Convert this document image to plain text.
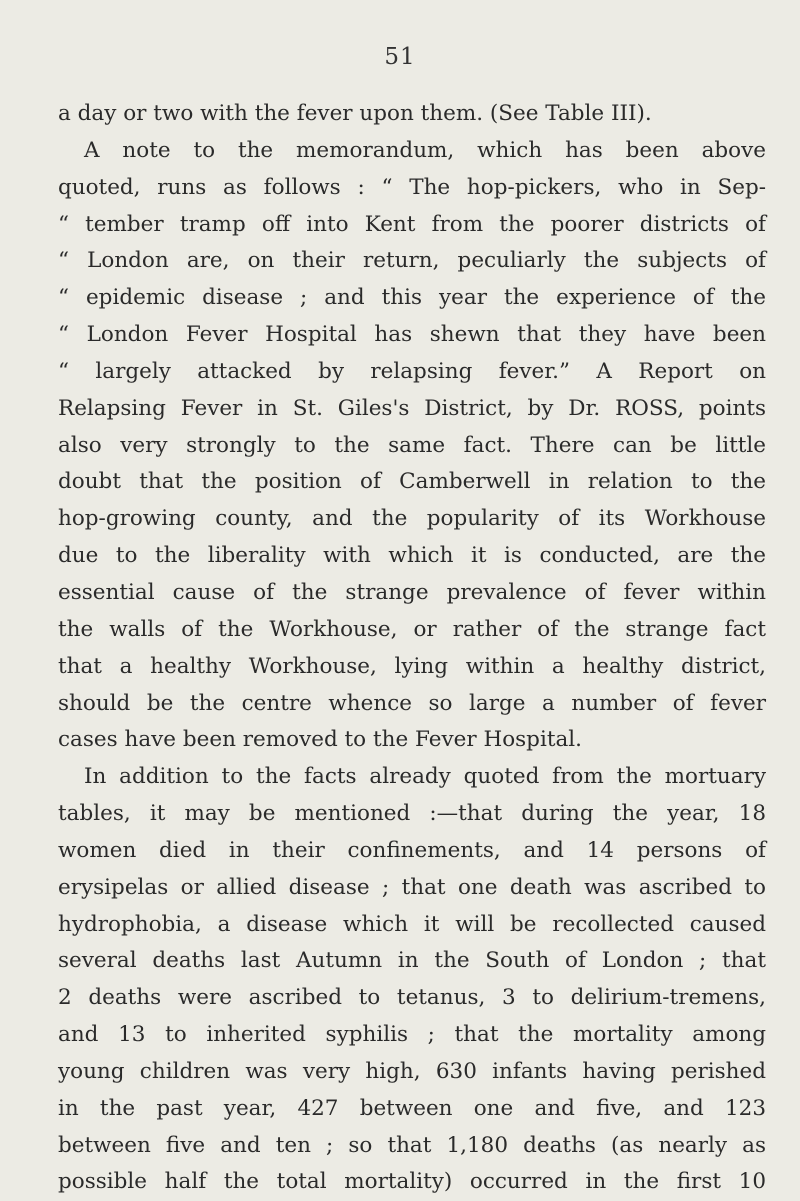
51
a day or two with the fever upon them. (See Table III).
A note to the memorandum, which has been above
quoted, runs as follows : “ The hop-pickers, who in Sep-
“ tember tramp off into Kent from the poorer districts of
“ London are, on their return, peculiarly the subjects of
“ epidemic disease ; and this year the experience of the
“ London Fever Hospital has shewn that they have been
“ largely attacked by relapsing fever.” A Report on
Relapsing Fever in St. Giles's District, by Dr. ROSS, points
also very strongly to the same fact. There can be little
doubt that the position of Camberwell in relation to the
hop-growing county, and the popularity of its Workhouse
due to the liberality with which it is conducted, are the
essential cause of the strange prevalence of fever within
the walls of the Workhouse, or rather of the strange fact
that a healthy Workhouse, lying within a healthy district,
should be the centre whence so large a number of fever
cases have been removed to the Fever Hospital.
In addition to the facts already quoted from the mortuary
tables, it may be mentioned :—that during the year, 18
women died in their confinements, and 14 persons of
erysipelas or allied disease ; that one death was ascribed to
hydrophobia, a disease which it will be recollected caused
several deaths last Autumn in the South of London ; that
2 deaths were ascribed to tetanus, 3 to delirium-tremens,
and 13 to inherited syphilis ; that the mortality among
young children was very high, 630 infants having perished
in the past year, 427 between one and five, and 123
between five and ten ; so that 1,180 deaths (as nearly as
possible half the total mortality) occurred in the first 10
